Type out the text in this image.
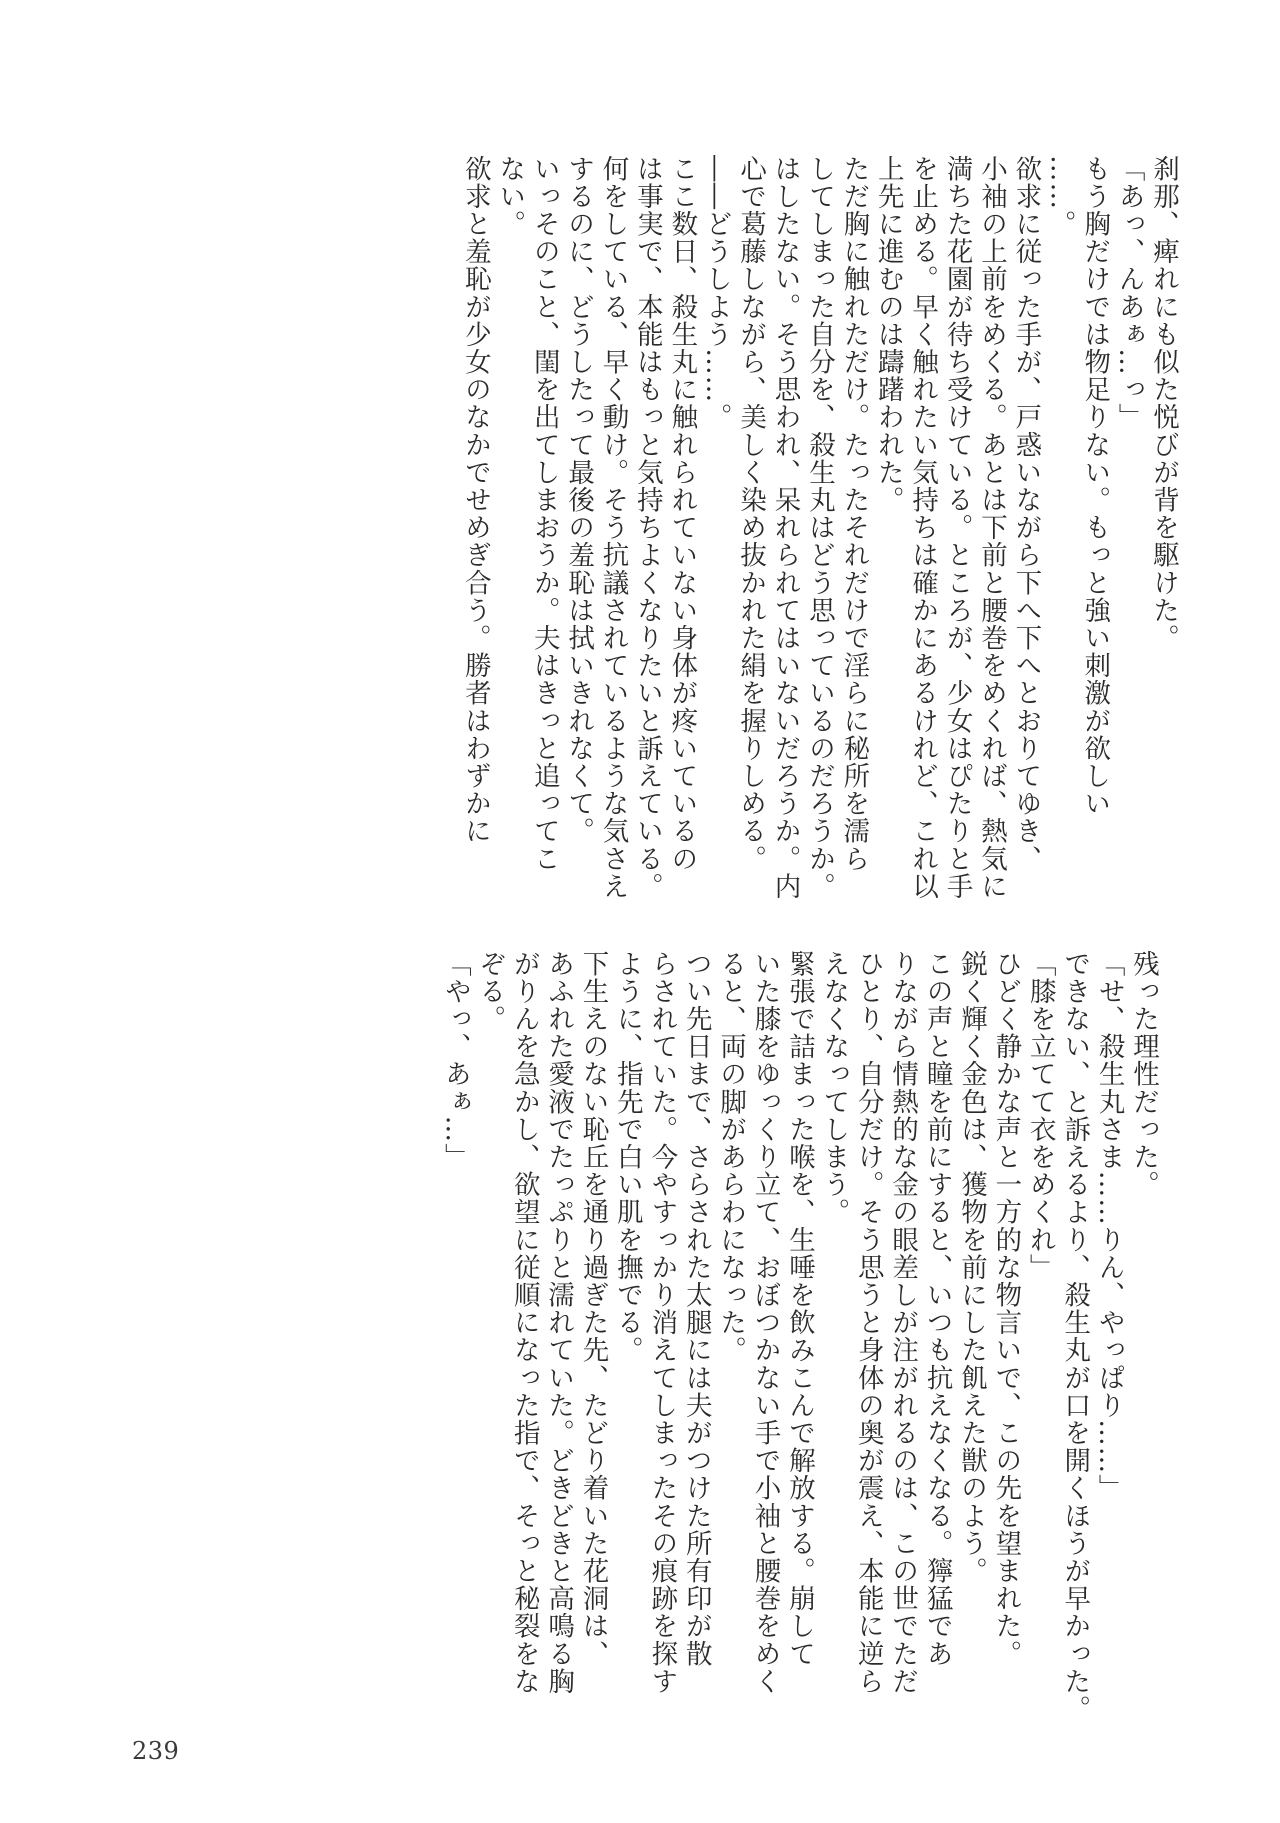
刹那、痺れにも似た悦びが背を駆けた。
「あっ、んあぁ…っ」
もう胸だけでは物足りない。もっと強い刺激が欲しい
……。
欲求に従った手が、戸惑いながら下へ下へとおりてゆき、
小袖の上前をめくる。あとは下前と腰巻をめくれば、熱気に
満ちた花園が待ち受けている。ところが、少女はぴたりと手
を止める。早く触れたい気持ちは確かにあるけれど、これ以
上先に進むのは躊躇われた。
ただ胸に触れただけ。たったそれだけで淫らに秘所を濡ら
してしまった自分を、殺生丸はどう思っているのだろうか。
はしたない。そう思われ、呆れられてはいないだろうか。内
心で葛藤しながら、美しく染め抜かれた絹を握りしめる。
――どうしよう……。
ここ数日、殺生丸に触れられていない身体が疼いているの
は事実で、本能はもっと気持ちよくなりたいと訴えている。
何をしている、早く動け。そう抗議されているような気さえ
するのに、どうしたって最後の羞恥は拭いきれなくて。
いっそのこと、閨を出てしまおうか。夫はきっと追ってこ
ない。
欲求と羞恥が少女のなかでせめぎ合う。勝者はわずかに
残った理性だった。
「せ、殺生丸さま……りん、やっぱり……」
できない、と訴えるより、殺生丸が口を開くほうが早かった。
「膝を立てて衣をめくれ」
ひどく静かな声と一方的な物言いで、この先を望まれた。
鋭く輝く金色は、獲物を前にした飢えた獣のよう。
この声と瞳を前にすると、いつも抗えなくなる。獰猛であ
りながら情熱的な金の眼差しが注がれるのは、この世でただ
ひとり、自分だけ。そう思うと身体の奥が震え、本能に逆ら
えなくなってしまう。
緊張で詰まった喉を、生唾を飲みこんで解放する。崩して
いた膝をゆっくり立て、おぼつかない手で小袖と腰巻をめく
ると、両の脚があらわになった。
つい先日まで、さらされた太腿には夫がつけた所有印が散
らされていた。今やすっかり消えてしまったその痕跡を探す
ように、指先で白い肌を撫でる。
下生えのない恥丘を通り過ぎた先、たどり着いた花洞は、
あふれた愛液でたっぷりと濡れていた。どきどきと高鳴る胸
がりんを急かし、欲望に従順になった指で、そっと秘裂をな
ぞる。
「やっ、あぁ…」
239
